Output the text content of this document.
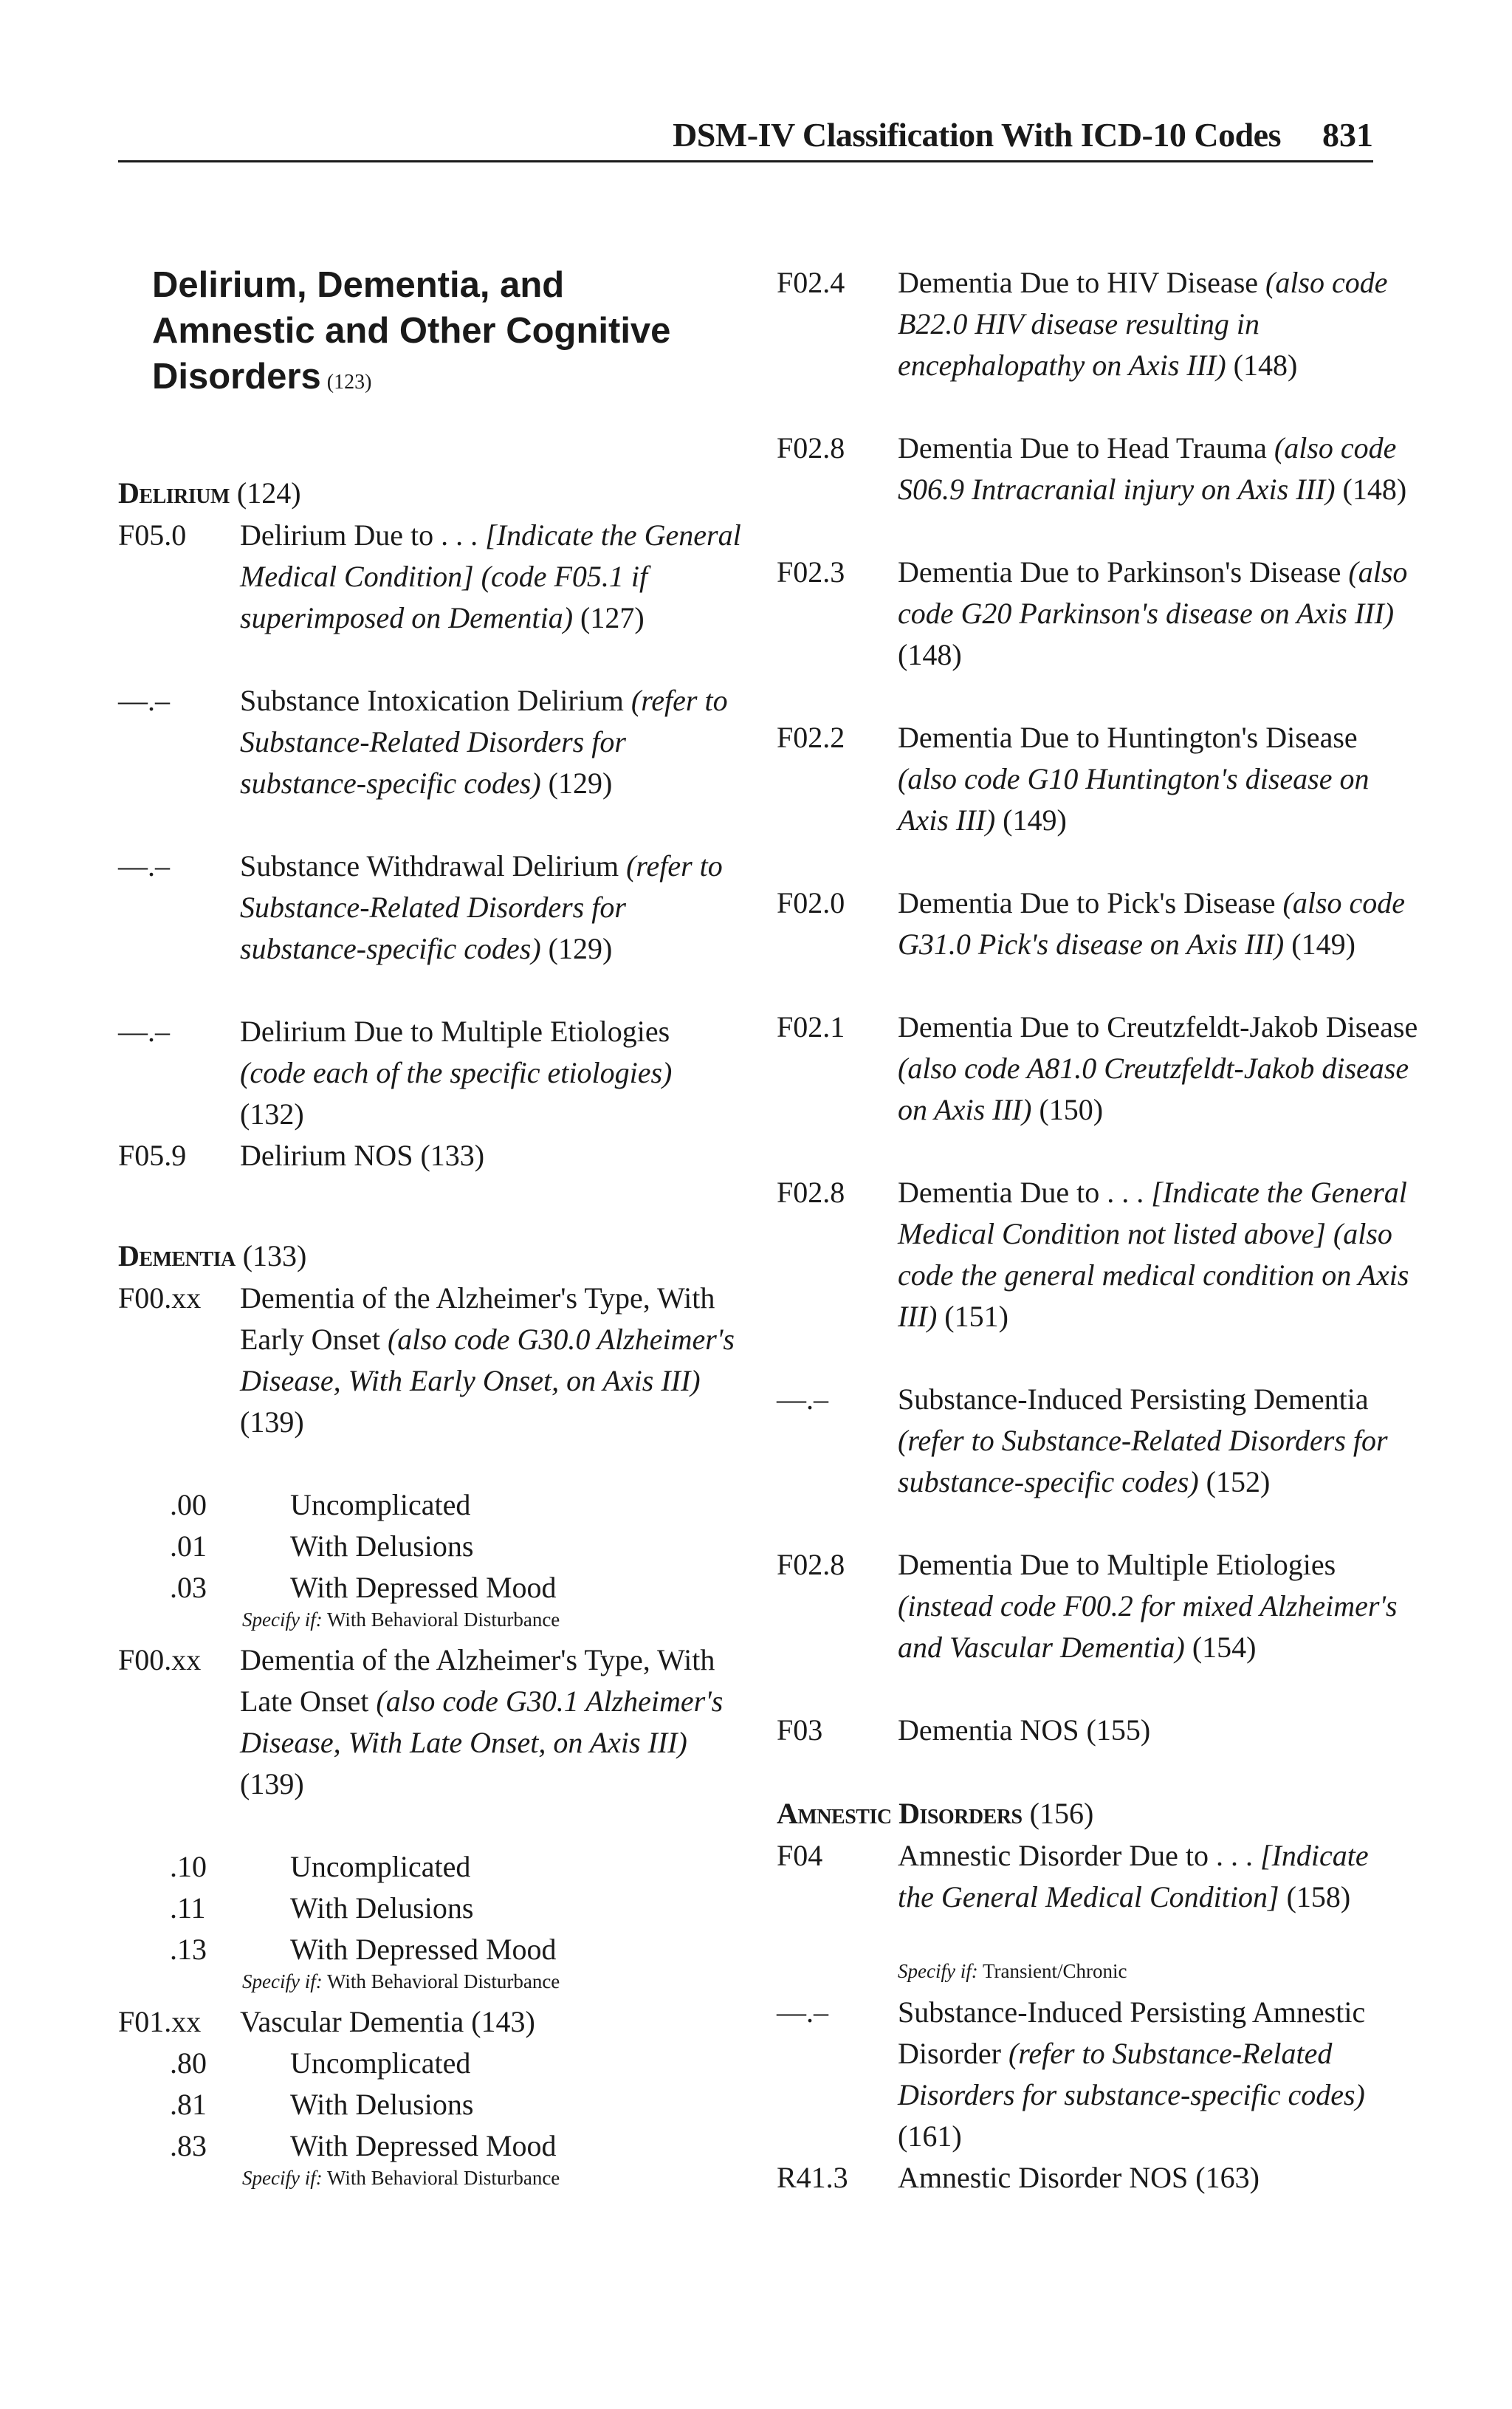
DSM-IV Classification With ICD-10 Codes 831
Delirium, Dementia, and Amnestic and Other Cognitive Disorders (123)
Delirium (124)
F05.0 Delirium Due to . . . [Indicate the General Medical Condition] (code F05.1 if superimposed on Dementia) (127)
—.– Substance Intoxication Delirium (refer to Substance-Related Disorders for substance-specific codes) (129)
—.– Substance Withdrawal Delirium (refer to Substance-Related Disorders for substance-specific codes) (129)
—.– Delirium Due to Multiple Etiologies (code each of the specific etiologies) (132)
F05.9 Delirium NOS (133)
Dementia (133)
F00.xx Dementia of the Alzheimer's Type, With Early Onset (also code G30.0 Alzheimer's Disease, With Early Onset, on Axis III) (139)
.00	Uncomplicated
.01	With Delusions
.03	With Depressed Mood
Specify if: With Behavioral Disturbance
F00.xx Dementia of the Alzheimer's Type, With Late Onset (also code G30.1 Alzheimer's Disease, With Late Onset, on Axis III) (139)
.10	Uncomplicated
.11	With Delusions
.13	With Depressed Mood
Specify if: With Behavioral Disturbance
F01.xx Vascular Dementia (143)
.80	Uncomplicated
.81	With Delusions
.83	With Depressed Mood
Specify if: With Behavioral Disturbance
F02.4 Dementia Due to HIV Disease (also code B22.0 HIV disease resulting in encephalopathy on Axis III) (148)
F02.8 Dementia Due to Head Trauma (also code S06.9 Intracranial injury on Axis III) (148)
F02.3 Dementia Due to Parkinson's Disease (also code G20 Parkinson's disease on Axis III) (148)
F02.2 Dementia Due to Huntington's Disease (also code G10 Huntington's disease on Axis III) (149)
F02.0 Dementia Due to Pick's Disease (also code G31.0 Pick's disease on Axis III) (149)
F02.1 Dementia Due to Creutzfeldt-Jakob Disease (also code A81.0 Creutzfeldt-Jakob disease on Axis III) (150)
F02.8 Dementia Due to . . . [Indicate the General Medical Condition not listed above] (also code the general medical condition on Axis III) (151)
—.– Substance-Induced Persisting Dementia (refer to Substance-Related Disorders for substance-specific codes) (152)
F02.8 Dementia Due to Multiple Etiologies (instead code F00.2 for mixed Alzheimer's and Vascular Dementia) (154)
F03	Dementia NOS (155)
Amnestic Disorders (156)
F04	Amnestic Disorder Due to . . . [Indicate the General Medical Condition] (158)
Specify if: Transient/Chronic
—.– Substance-Induced Persisting Amnestic Disorder (refer to Substance-Related Disorders for substance-specific codes) (161)
R41.3 Amnestic Disorder NOS (163)
